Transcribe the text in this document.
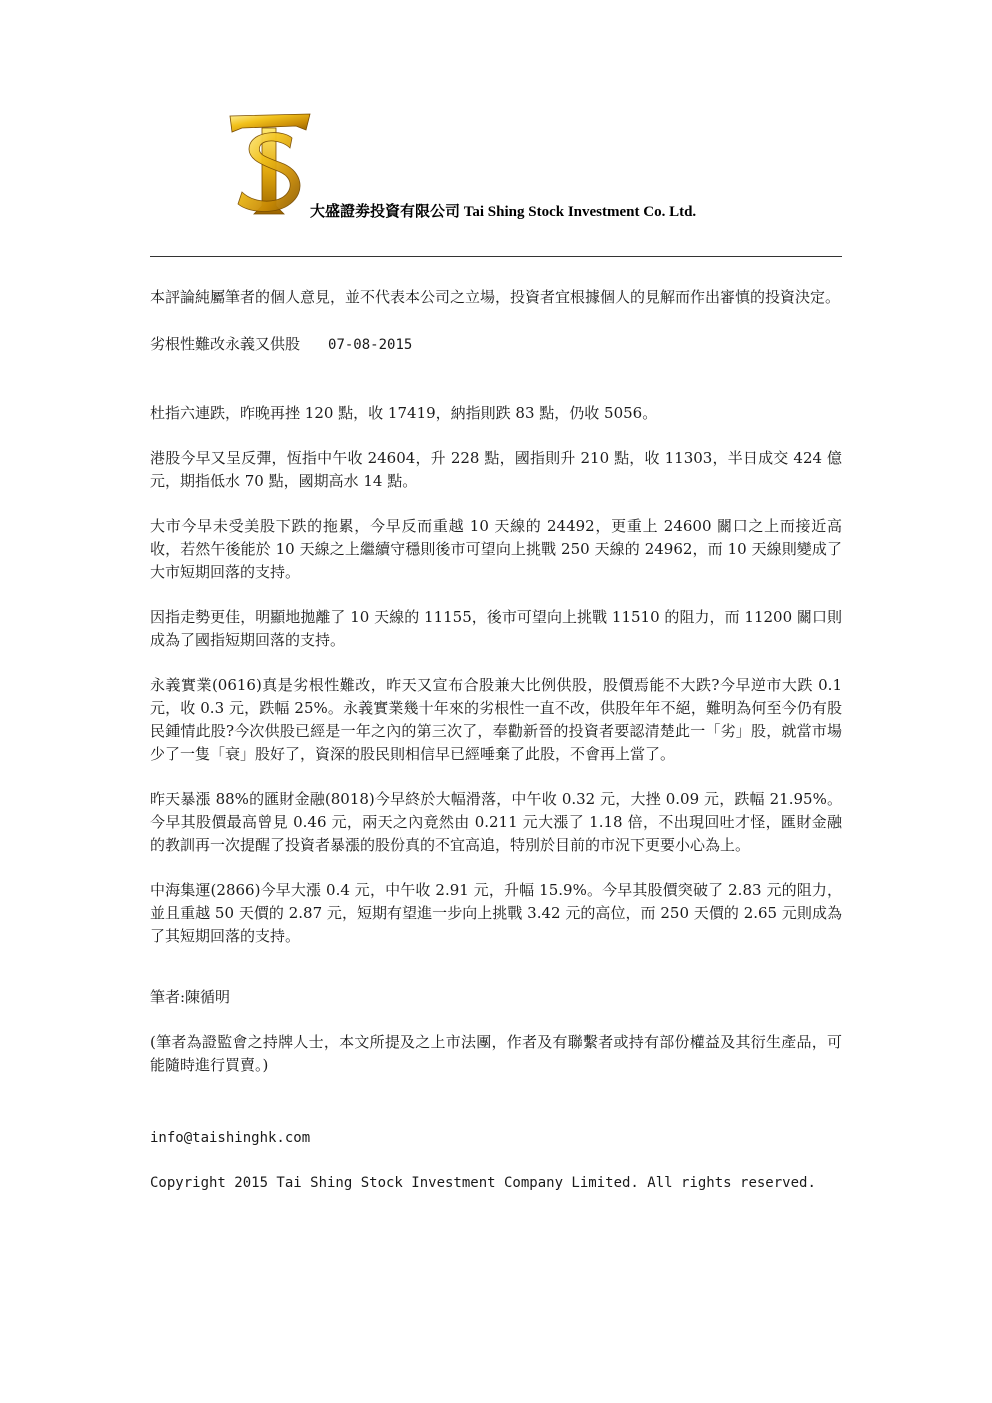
大盛證劵投資有限公司 Tai Shing Stock Investment Co. Ltd.

本評論純屬筆者的個人意見，並不代表本公司之立場，投資者宜根據個人的見解而作出審慎的投資決定。

劣根性難改永義又供股 07-08-2015

杜指六連跌，昨晚再挫 120 點，收 17419，納指則跌 83 點，仍收 5056。

港股今早又呈反彈，恆指中午收 24604，升 228 點，國指則升 210 點，收 11303，半日成交 424 億元，期指低水 70 點，國期高水 14 點。

大市今早未受美股下跌的拖累，今早反而重越 10 天線的 24492，更重上 24600 關口之上而接近高收，若然午後能於 10 天線之上繼續守穩則後市可望向上挑戰 250 天線的 24962，而 10 天線則變成了大市短期回落的支持。

因指走勢更佳，明顯地拋離了 10 天線的 11155，後市可望向上挑戰 11510 的阻力，而 11200 關口則成為了國指短期回落的支持。

永義實業(0616)真是劣根性難改，昨天又宣布合股兼大比例供股，股價焉能不大跌?今早逆市大跌 0.1 元，收 0.3 元，跌幅 25%。永義實業幾十年來的劣根性一直不改，供股年年不絕，難明為何至今仍有股民鍾情此股?今次供股已經是一年之內的第三次了，奉勸新晉的投資者要認清楚此一「劣」股，就當市場少了一隻「衰」股好了，資深的股民則相信早已經唾棄了此股，不會再上當了。

昨天暴漲 88%的匯財金融(8018)今早終於大幅滑落，中午收 0.32 元，大挫 0.09 元，跌幅 21.95%。今早其股價最高曾見 0.46 元，兩天之內竟然由 0.211 元大漲了 1.18 倍，不出現回吐才怪，匯財金融的教訓再一次提醒了投資者暴漲的股份真的不宜高追，特別於目前的市況下更要小心為上。

中海集運(2866)今早大漲 0.4 元，中午收 2.91 元，升幅 15.9%。今早其股價突破了 2.83 元的阻力，並且重越 50 天價的 2.87 元，短期有望進一步向上挑戰 3.42 元的高位，而 250 天價的 2.65 元則成為了其短期回落的支持。

筆者:陳循明

(筆者為證監會之持牌人士，本文所提及之上市法團，作者及有聯繫者或持有部份權益及其衍生產品，可能隨時進行買賣。)

info@taishinghk.com

Copyright 2015 Tai Shing Stock Investment Company Limited. All rights reserved.
